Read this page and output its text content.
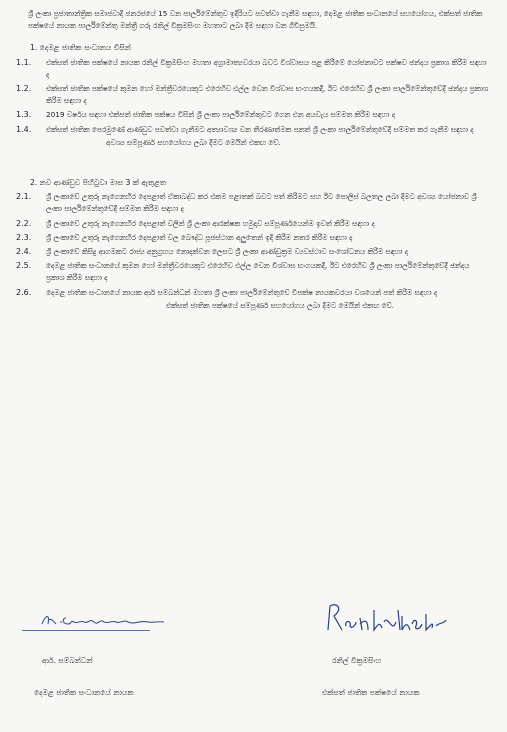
ශ්‍රී ලංකා ප්‍රජාතාන්ත්‍රික සමාජවාදී ජනරජයේ 15 වන පාර්ලිමේන්තුව ඉදිරියට පවත්වා ගැනීම සඳහා, දෙමළ ජාතික සංධානයේ සහයෝගය, එක්සත් ජාතික පක්ෂයේ නායක පාර්ලිමේන්තු මන්ත්‍රී ගරු රනිල් වික්‍රමසිංහ මහතාට ලබා දීම සඳහා වන ගිවිසුමයි.
1. දෙමළ ජාතික සංධානය විසින්
1.1.	එක්සත් ජාතික පක්ෂයේ නායක රනිල් වික්‍රමසිංහ මහතා අග්‍රාමාත්‍යවරයා බවට විශ්වාසය පළ කිරීමේ යෝජනාවට පක්ෂව ඡන්දය ප්‍රකාශ කිරීම සඳහා ද
1.2.	එක්සත් ජාතික පක්ෂයේ කුමන හෝ මන්ත්‍රීවරයෙකුට එරෙහිව එල්ල වෙන විශ්වාස භංගයකදී, ඊට එරෙහිව ශ්‍රී ලංකා පාර්ලිමේන්තුවේදී ඡන්දය ප්‍රකාශ කිරීම සඳහා ද
1.3.	2019 වර්ෂය සඳහා එක්සත් ජාතික පක්ෂය විසින් ශ්‍රී ලංකා පාර්ලිමේන්තුවට ගෙන එන අයවැය සම්මත කිරීම සඳහා ද
1.4.	එක්සත් ජාතික පෙරමුණේ ආණ්ඩුව පවත්වා ගැනීමට අත්‍යාවශ්‍ය වන තීරණාත්මක පනත් ශ්‍රී ලංකා පාර්ලිමේන්තුවේදී සම්මත කර ගැනීම සඳහා ද
අවශ්‍ය සම්පූර්ණ සහයෝගය ලබා දීමට මෙයින් එකඟ වේ.
2. නව ආණ්ඩුව පිහිටුවා මාස 3 ක් ඇතුළත
2.1.	ශ්‍රී ලංකාවේ උතුරු නැගෙනහිර දෙපළාත් ඒකාබද්ධ කර එකම පළාතක් බවට පත් කිරීමට සහ ඊට පොලිස් බලතල ලබා දීමට අවශ්‍ය යෝජනාව ශ්‍රී ලංකා පාර්ලිමේන්තුවේදී සම්මත කිරීම සඳහා ද
2.2.	ශ්‍රී ලංකාවේ උතුරු නැගෙනහිර දෙපළාත් වලින් ශ්‍රී ලංකා ආරක්ෂක හමුදාව සම්පූර්ණයෙන්ම ඉවත් කිරීම සඳහා ද
2.3.	ශ්‍රී ලංකාවේ උතුරු නැගෙනහිර දෙපළාත් වල බෞද්ධ පූජස්ථාන අලුතෙන් ඉදි කිරීම නතර කිරීම සඳහා ද
2.4.	ශ්‍රී ලංකාවේ කිසිදු ආගමකට රාජ්‍ය අනුග්‍රහය නොදක්වන ලෙසට ශ්‍රී ලංකා ආණ්ඩුක්‍රම ව්‍යවස්ථාව සංශෝධනය කිරීම සඳහා ද
2.5.	දෙමළ ජාතික සංධානයේ කුමන හෝ මන්ත්‍රීවරයෙකුට එරෙහිව එල්ල වෙන විශ්වාස භංගයකදී, ඊට එරෙහිව ශ්‍රී ලංකා පාර්ලිමේන්තුවේදී ඡන්දය ප්‍රකාශ කිරීම සඳහා ද
2.6.	දෙමළ ජාතික සංධානයේ නායක ආර් සම්බන්ධන් මහතා ශ්‍රී ලංකා පාර්ලිමේන්තුවේ විපක්ෂ නායකවරයා වශයෙන් පත් කිරීම සඳහා ද
එක්සත් ජාතික පක්ෂයේ සම්පූර්ණ සහයෝගය ලබා දීමට මෙයින් එකඟ වේ.
ආර්. සම්බන්ධන්	රනිල් වික්‍රමසිංහ
දෙමළ ජාතික සංධානයේ නායක	එක්සත් ජාතික පක්ෂයේ නායක
